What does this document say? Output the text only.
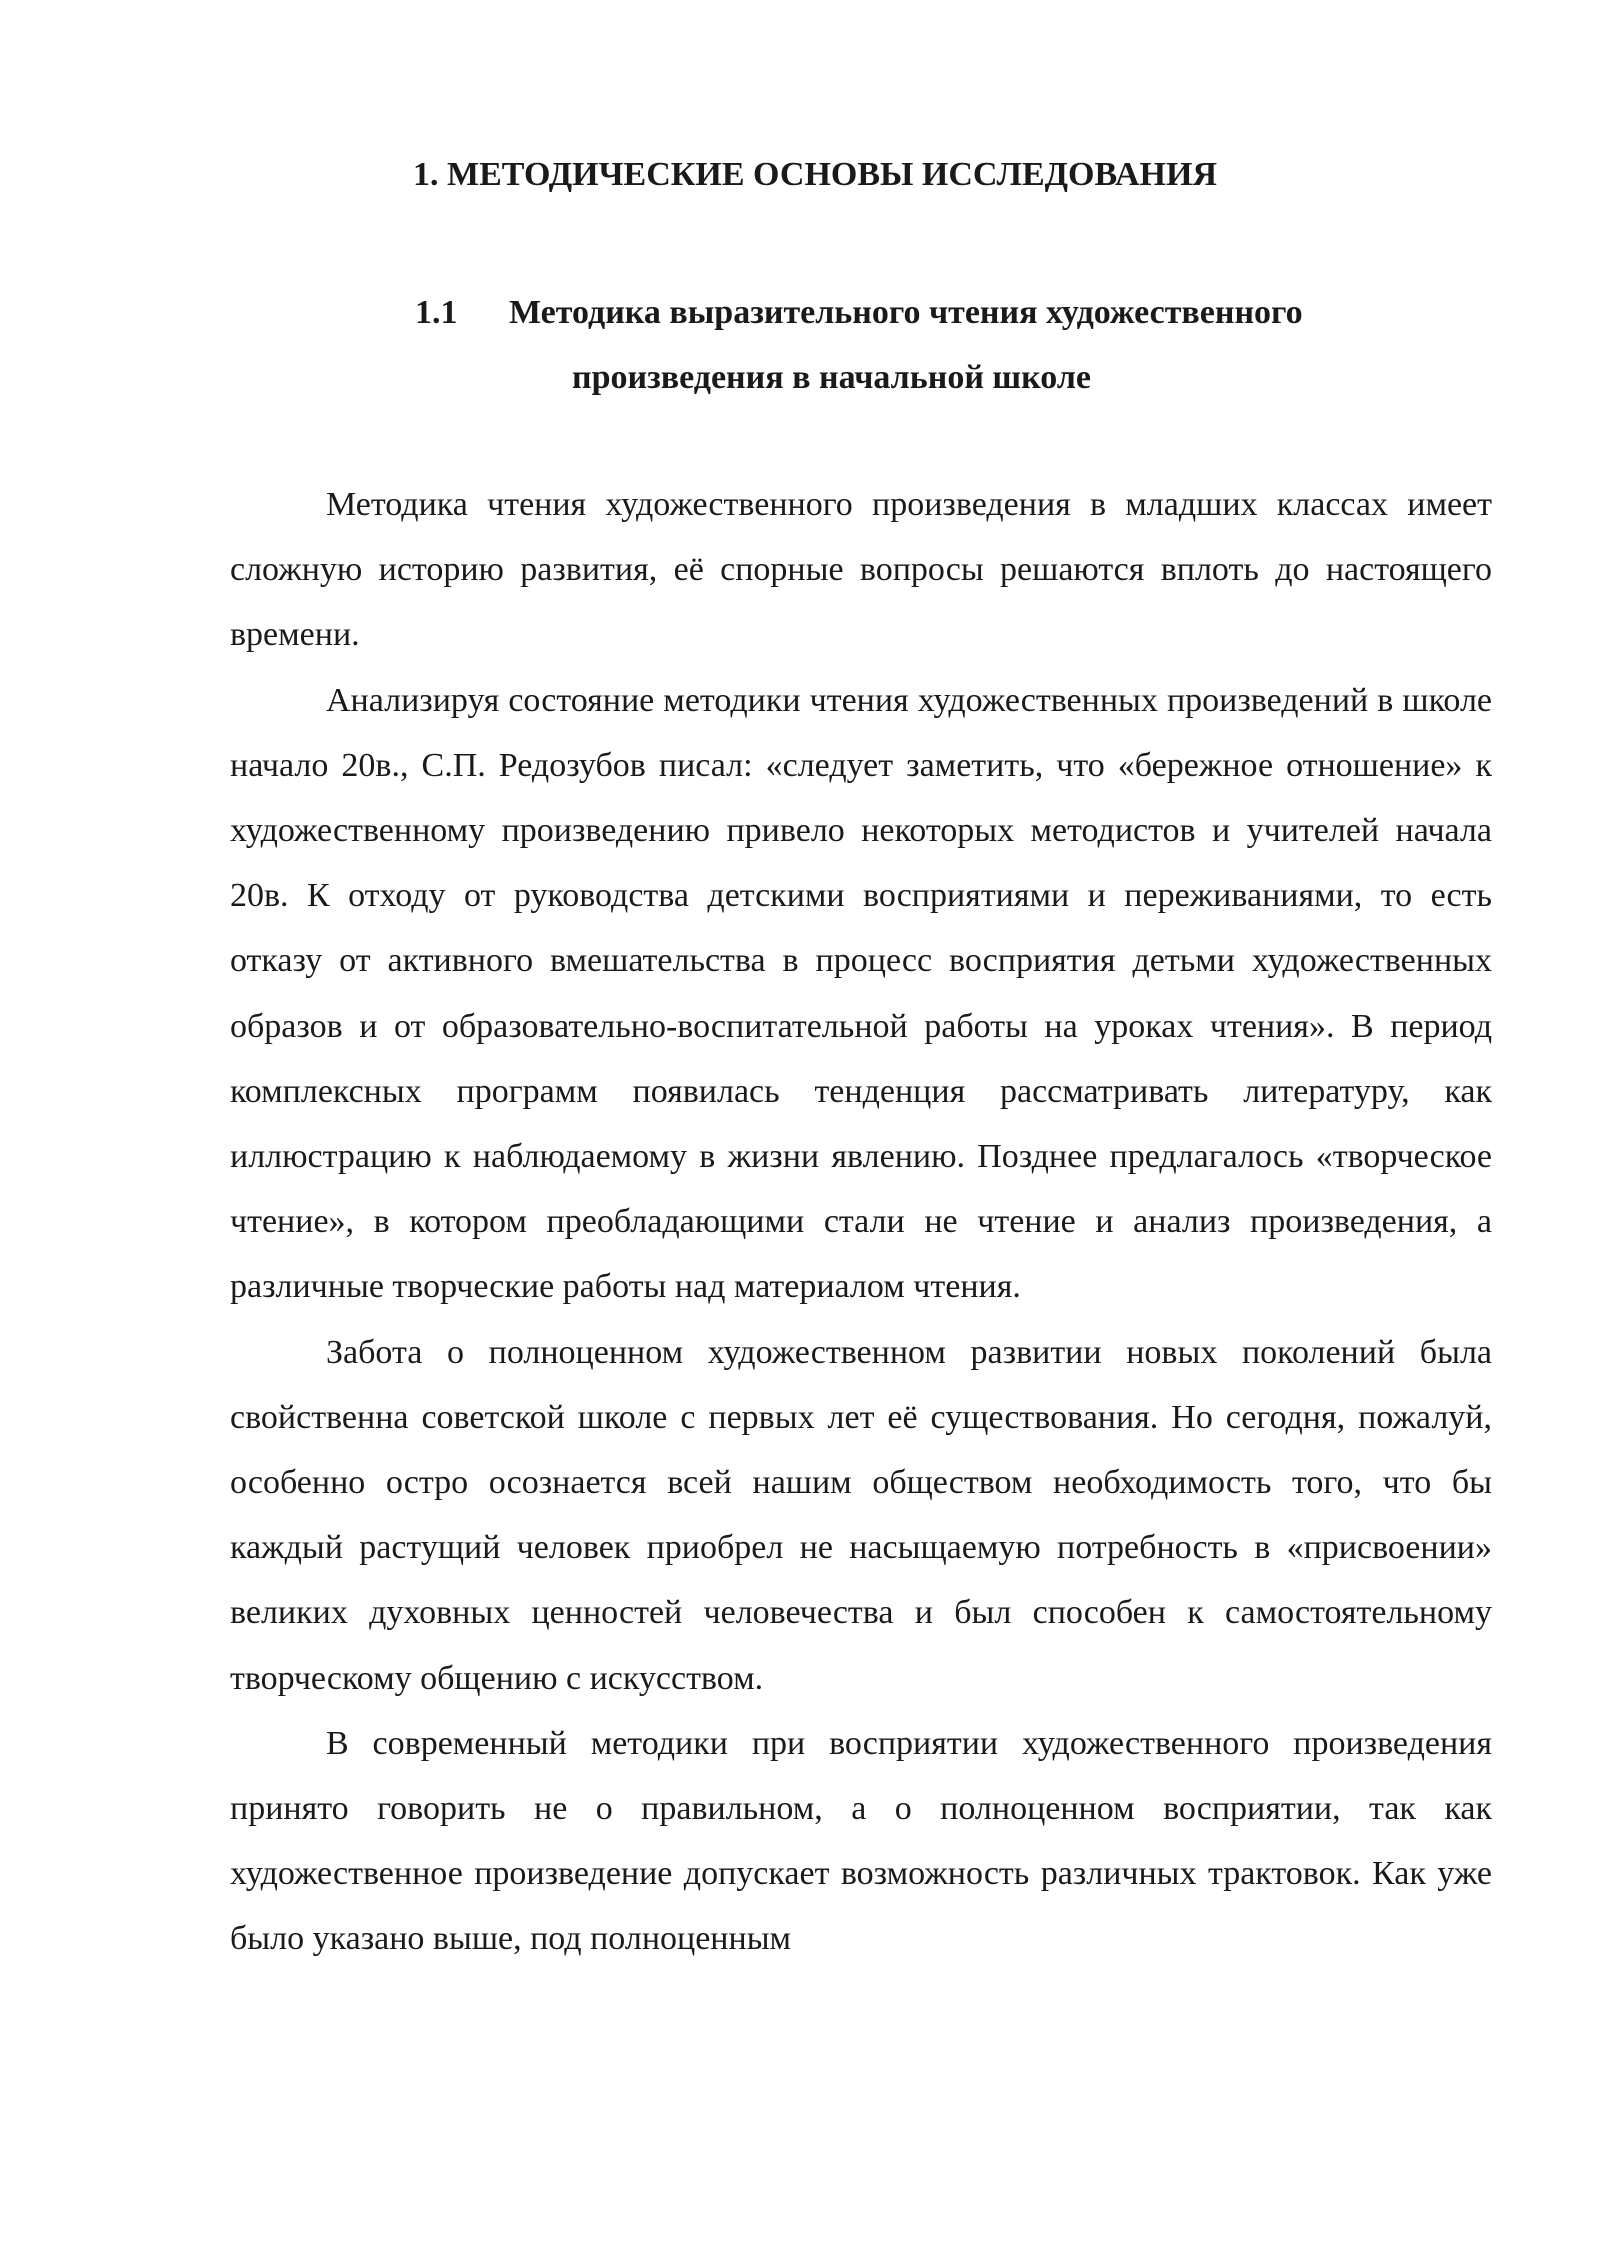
1. МЕТОДИЧЕСКИЕ ОСНОВЫ ИССЛЕДОВАНИЯ
1.1 Методика выразительного чтения художественного
произведения в начальной школе

Методика чтения художественного произведения в младших классах имеет сложную историю развития, её спорные вопросы решаются вплоть до настоящего времени.

Анализируя состояние методики чтения художественных произведений в школе начало 20в., С.П. Редозубов писал: «следует заметить, что «бережное отношение» к художественному произведению привело некоторых методистов и учителей начала 20в. К отходу от руководства детскими восприятиями и переживаниями, то есть отказу от активного вмешательства в процесс восприятия детьми художественных образов и от образовательно-воспитательной работы на уроках чтения». В период комплексных программ появилась тенденция рассматривать литературу, как иллюстрацию к наблюдаемому в жизни явлению. Позднее предлагалось «творческое чтение», в котором преобладающими стали не чтение и анализ произведения, а различные творческие работы над материалом чтения.

Забота о полноценном художественном развитии новых поколений была свойственна советской школе с первых лет её существования. Но сегодня, пожалуй, особенно остро осознается всей нашим обществом необходимость того, что бы каждый растущий человек приобрел не насыщаемую потребность в «присвоении» великих духовных ценностей человечества и был способен к самостоятельному творческому общению с искусством.

В современный методики при восприятии художественного произведения принято говорить не о правильном, а о полноценном восприятии, так как художественное произведение допускает возможность различных трактовок. Как уже было указано выше, под полноценным
